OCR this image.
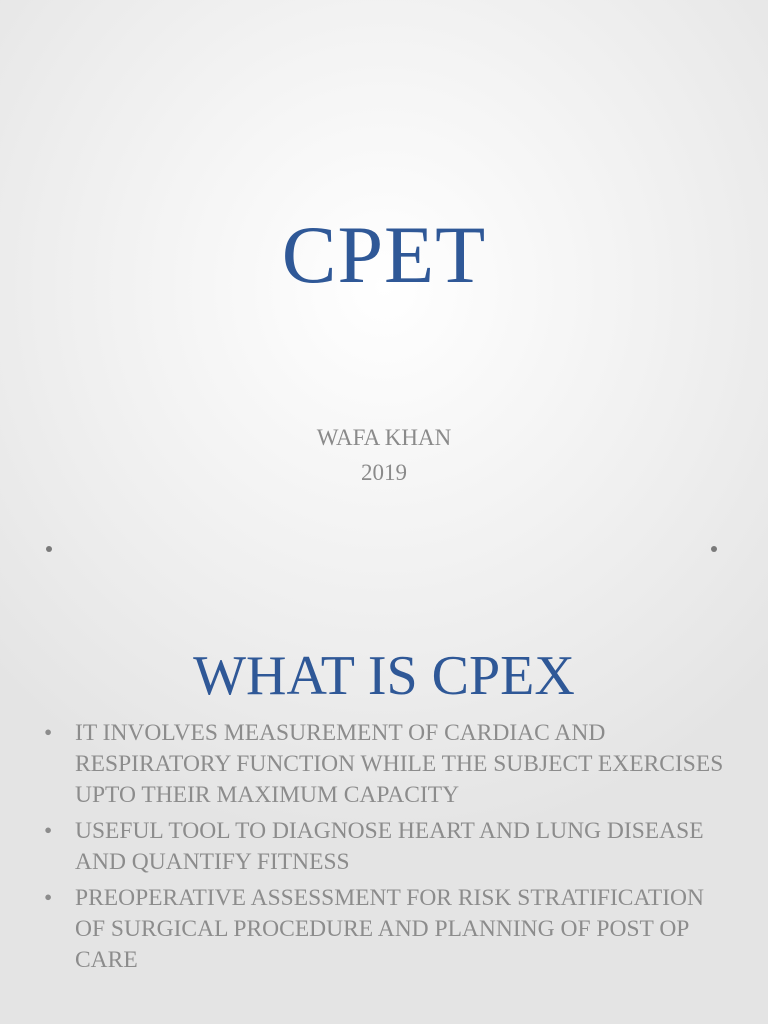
CPET
WAFA KHAN
2019
WHAT IS CPEX
• IT INVOLVES MEASUREMENT OF CARDIAC AND RESPIRATORY FUNCTION WHILE THE SUBJECT EXERCISES UPTO THEIR MAXIMUM CAPACITY
• USEFUL TOOL TO DIAGNOSE HEART AND LUNG DISEASE AND QUANTIFY FITNESS
• PREOPERATIVE ASSESSMENT FOR RISK STRATIFICATION OF SURGICAL PROCEDURE AND PLANNING OF POST OP CARE
